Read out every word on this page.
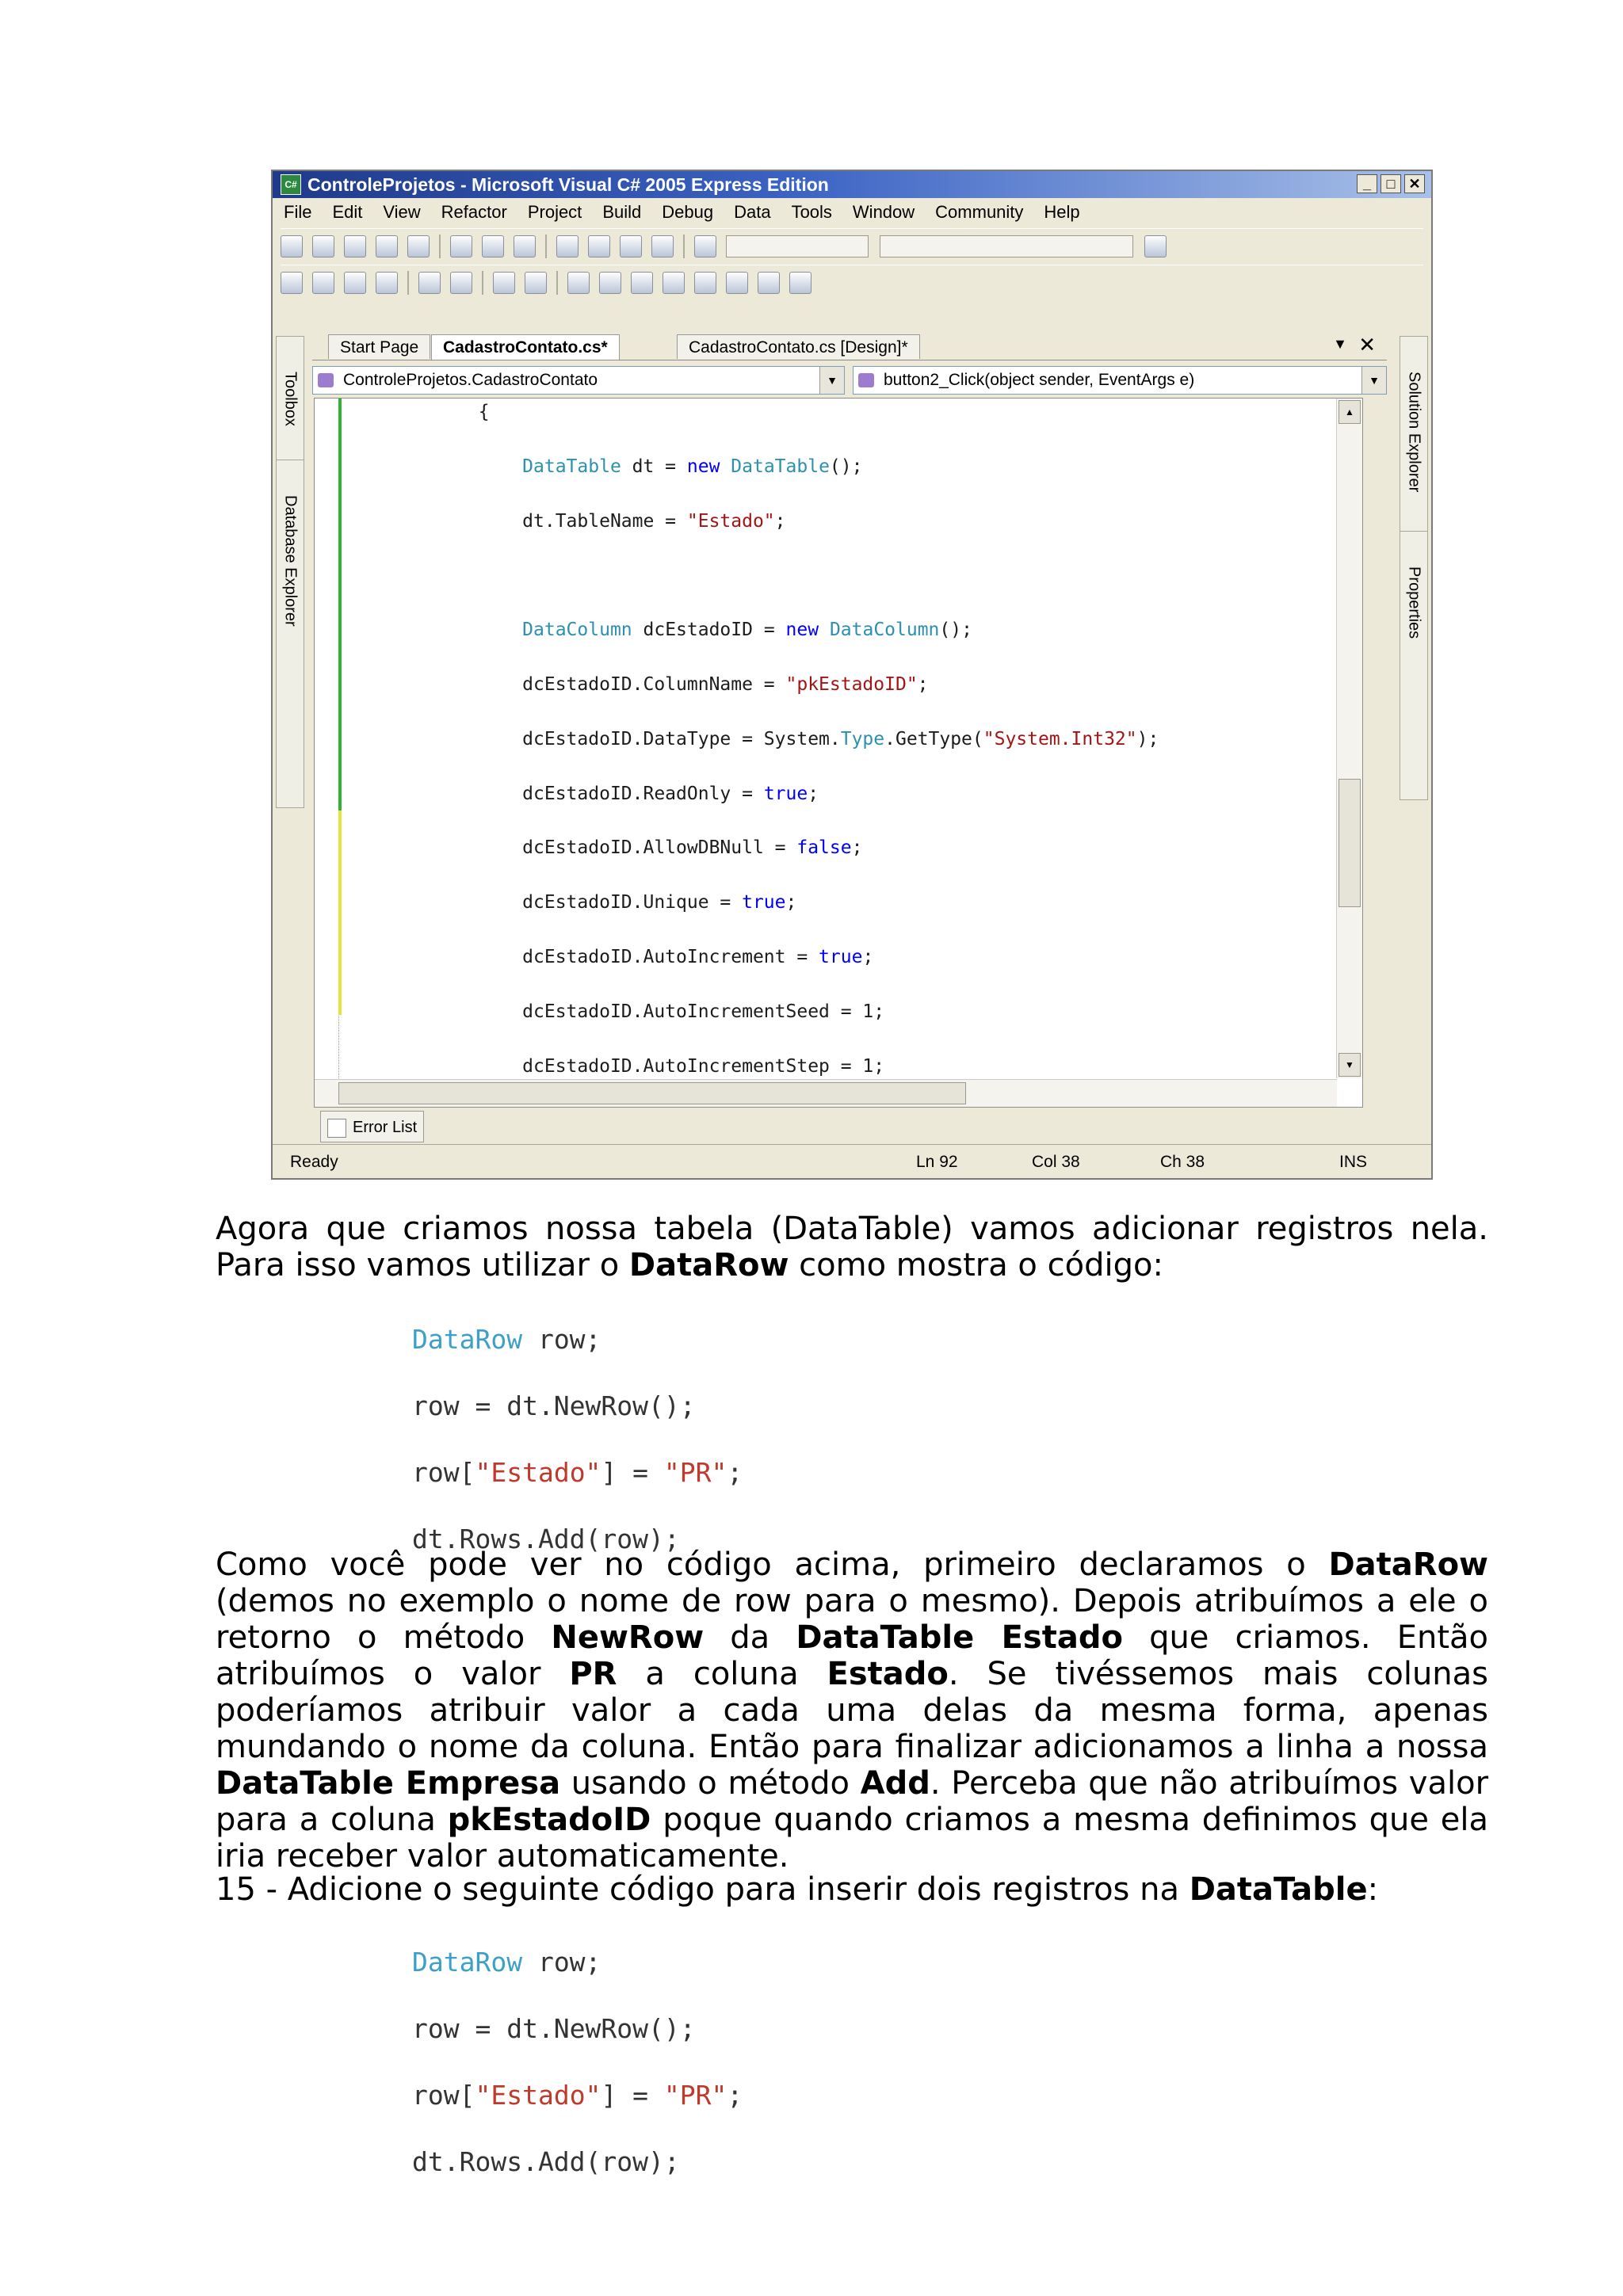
C# ControleProjetos - Microsoft Visual C# 2005 Express Edition	_	□ ✕
File Edit View Refactor Project Build Debug Data Tools Window Community Help
Toolbox
Database Explorer
Solution Explorer
Properties
Start Page	CadastroContato.cs*	CadastroContato.cs [Design]*	▼ ✕
ControleProjetos.CadastroContato	▼	button2_Click(object sender, EventArgs e)	▼
{

DataTable dt = new DataTable();

dt.TableName = "Estado";

DataColumn dcEstadoID = new DataColumn();

dcEstadoID.ColumnName = "pkEstadoID";

dcEstadoID.DataType = System.Type.GetType("System.Int32");

dcEstadoID.ReadOnly = true;

dcEstadoID.AllowDBNull = false;

dcEstadoID.Unique = true;

dcEstadoID.AutoIncrement = true;

dcEstadoID.AutoIncrementSeed = 1;

dcEstadoID.AutoIncrementStep = 1;

▲
▼
Error List
Ready	Ln 92	Col 38	Ch 38	INS

Agora que criamos nossa tabela (DataTable) vamos adicionar registros nela. Para isso vamos utilizar o DataRow como mostra o código:

DataRow row;

row = dt.NewRow();

row["Estado"] = "PR";

dt.Rows.Add(row);

Como você pode ver no código acima, primeiro declaramos o DataRow (demos no exemplo o nome de row para o mesmo). Depois atribuímos a ele o retorno o método NewRow da DataTable Estado que criamos. Então atribuímos o valor PR a coluna Estado. Se tivéssemos mais colunas poderíamos atribuir valor a cada uma delas da mesma forma, apenas mundando o nome da coluna. Então para finalizar adicionamos a linha a nossa DataTable Empresa usando o método Add. Perceba que não atribuímos valor para a coluna pkEstadoID poque quando criamos a mesma definimos que ela iria receber valor automaticamente.

15 - Adicione o seguinte código para inserir dois registros na DataTable:

DataRow row;

row = dt.NewRow();

row["Estado"] = "PR";

dt.Rows.Add(row);
